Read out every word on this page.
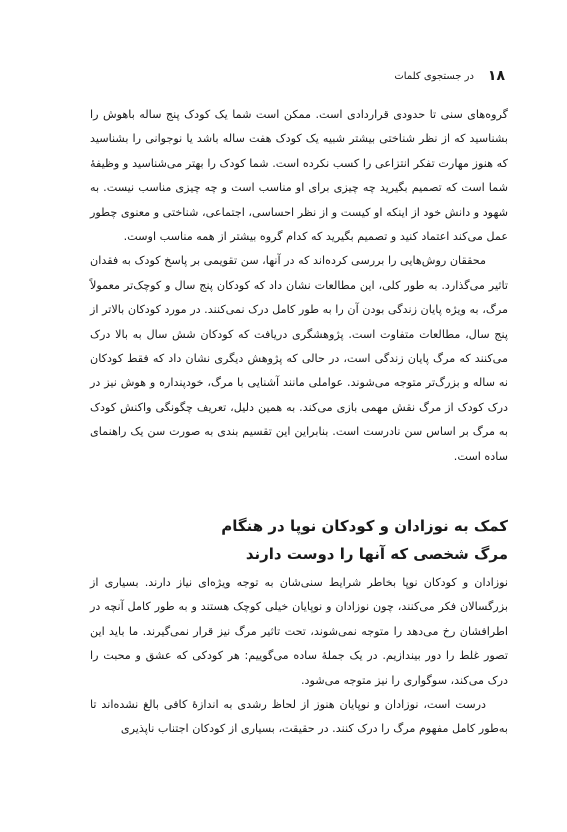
۱۸
در جستجوی کلمات

گروه‌های سنی تا حدودی قراردادی است. ممکن است شما یک کودک پنج ساله باهوش را بشناسید که از نظر شناختی بیشتر شبیه یک کودک هفت ساله باشد یا نوجوانی را بشناسید که هنوز مهارت تفکر انتزاعی را کسب نکرده است. شما کودک را بهتر می‌شناسید و وظیفهٔ شما است که تصمیم بگیرید چه چیزی برای او مناسب است و چه چیزی مناسب نیست. به شهود و دانش خود از اینکه او کیست و از نظر احساسی، اجتماعی، شناختی و معنوی چطور عمل می‌کند اعتماد کنید و تصمیم بگیرید که کدام گروه بیشتر از همه مناسب اوست.

محققان روش‌هایی را بررسی کرده‌اند که در آنها، سن تقویمی بر پاسخ کودک به فقدان تاثیر می‌گذارد. به طور کلی، این مطالعات نشان داد که کودکان پنج سال و کوچک‌تر معمولاً مرگ، به ویژه پایان زندگی بودن آن را به طور کامل درک نمی‌کنند. در مورد کودکان بالاتر از پنج سال، مطالعات متفاوت است. پژوهشگری دریافت که کودکان شش سال به بالا درک می‌کنند که مرگ پایان زندگی است، در حالی که پژوهش دیگری نشان داد که فقط کودکان نه ساله و بزرگ‌تر متوجه می‌شوند. عواملی مانند آشنایی با مرگ، خودپنداره و هوش نیز در درک کودک از مرگ نقش مهمی بازی می‌کند. به همین دلیل، تعریف چگونگی واکنش کودک به مرگ بر اساس سن نادرست است. بنابراین این تقسیم بندی به صورت سن یک راهنمای ساده است.

کمک به نوزادان و کودکان نوپا در هنگام
مرگ شخصی که آنها را دوست دارند

نوزادان و کودکان نوپا بخاطر شرایط سنی‌شان به توجه ویژه‌ای نیاز دارند. بسیاری از بزرگسالان فکر می‌کنند، چون نوزادان و نوپایان خیلی کوچک هستند و به طور کامل آنچه در اطرافشان رخ می‌دهد را متوجه نمی‌شوند، تحت تاثیر مرگ نیز قرار نمی‌گیرند. ما باید این تصور غلط را دور بیندازیم. در یک جملهٔ ساده می‌گوییم: هر کودکی که عشق و محبت را درک می‌کند، سوگواری را نیز متوجه می‌شود.

درست است، نوزادان و نوپایان هنوز از لحاظ رشدی به اندازهٔ کافی بالغ نشده‌اند تا به‌طور کامل مفهوم مرگ را درک کنند. در حقیقت، بسیاری از کودکان اجتناب ناپذیری
